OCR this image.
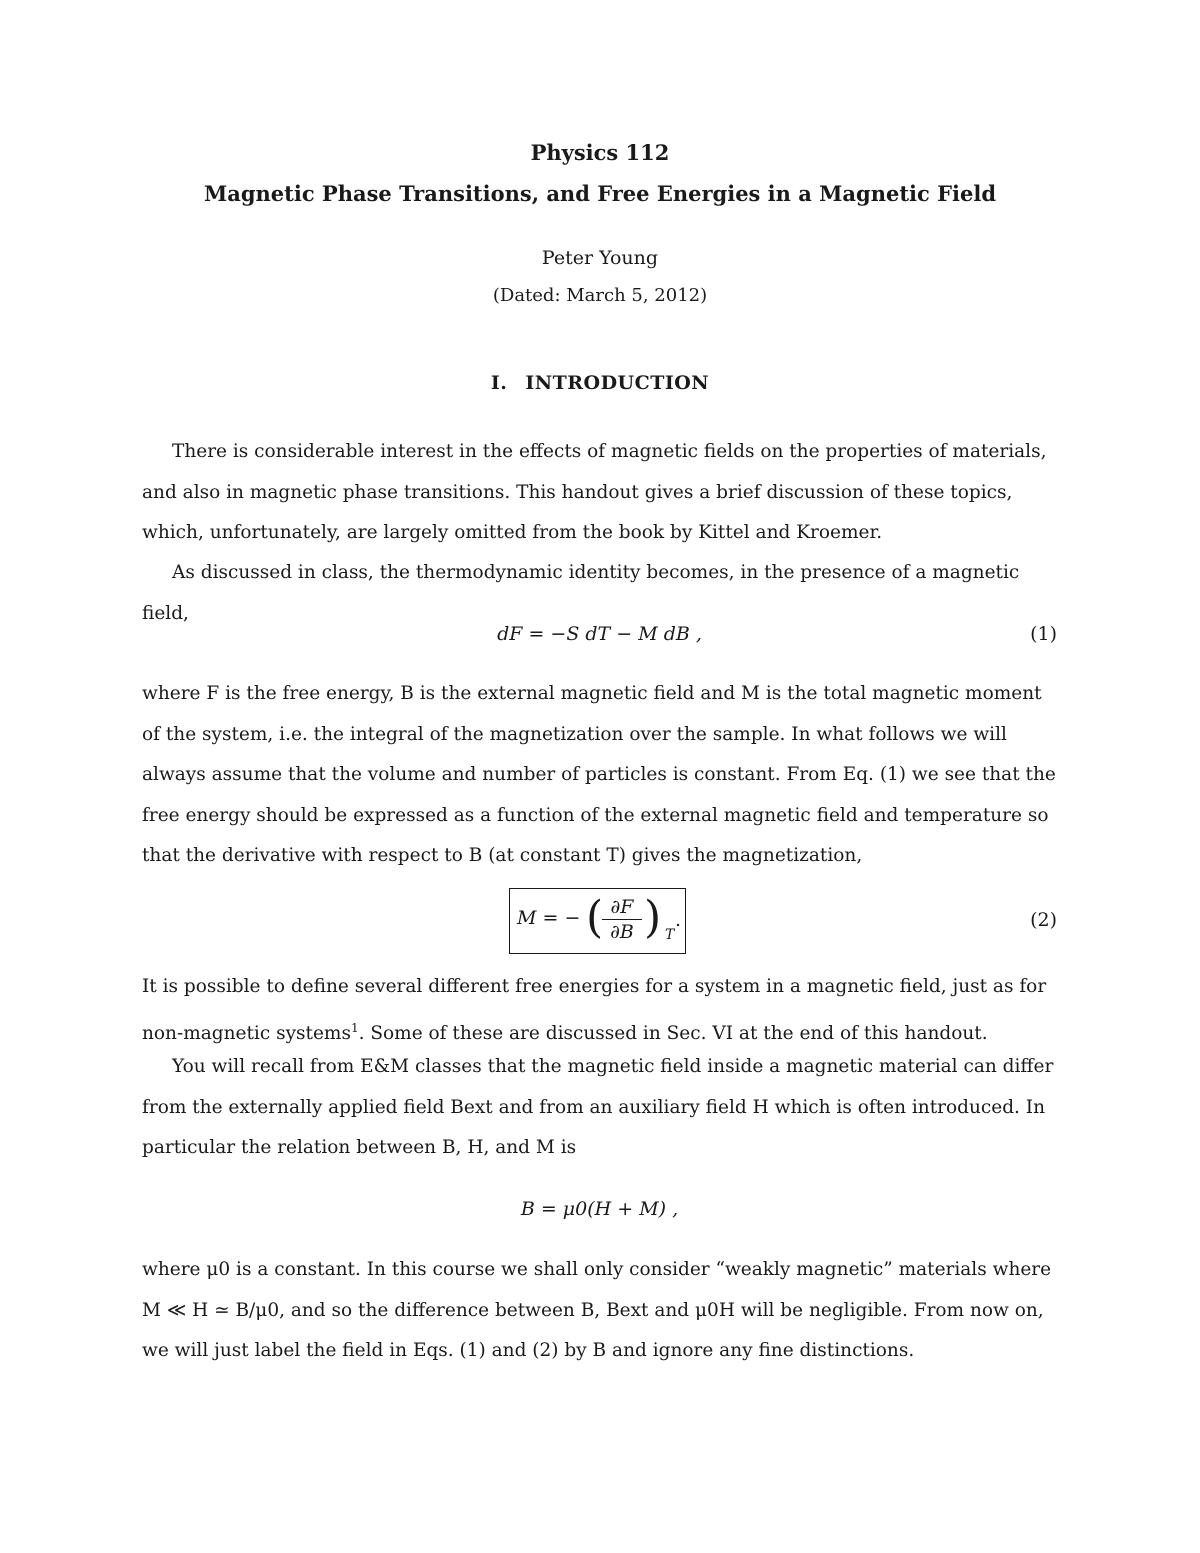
Physics 112
Magnetic Phase Transitions, and Free Energies in a Magnetic Field
Peter Young
(Dated: March 5, 2012)
I. INTRODUCTION

There is considerable interest in the effects of magnetic fields on the properties of materials, and also in magnetic phase transitions. This handout gives a brief discussion of these topics, which, unfortunately, are largely omitted from the book by Kittel and Kroemer.

As discussed in class, the thermodynamic identity becomes, in the presence of a magnetic field,

dF = −S dT − M dB ,	(1)

where F is the free energy, B is the external magnetic field and M is the total magnetic moment of the system, i.e. the integral of the magnetization over the sample. In what follows we will always assume that the volume and number of particles is constant. From Eq. (1) we see that the free energy should be expressed as a function of the external magnetic field and temperature so that the derivative with respect to B (at constant T) gives the magnetization,

M = − (
$\frac{\partial F}{\partial B}$ ) T
.	(2)

It is possible to define several different free energies for a system in a magnetic field, just as for non-magnetic systems$^1$. Some of these are discussed in Sec. VI at the end of this handout.

You will recall from E&M classes that the magnetic field inside a magnetic material can differ from the externally applied field Bext and from an auxiliary field H which is often introduced. In particular the relation between B, H, and M is

B = μ0(H + M) ,

where μ0 is a constant. In this course we shall only consider “weakly magnetic” materials where M ≪ H ≃ B/μ0, and so the difference between B, Bext and μ0H will be negligible. From now on, we will just label the field in Eqs. (1) and (2) by B and ignore any fine distinctions.
